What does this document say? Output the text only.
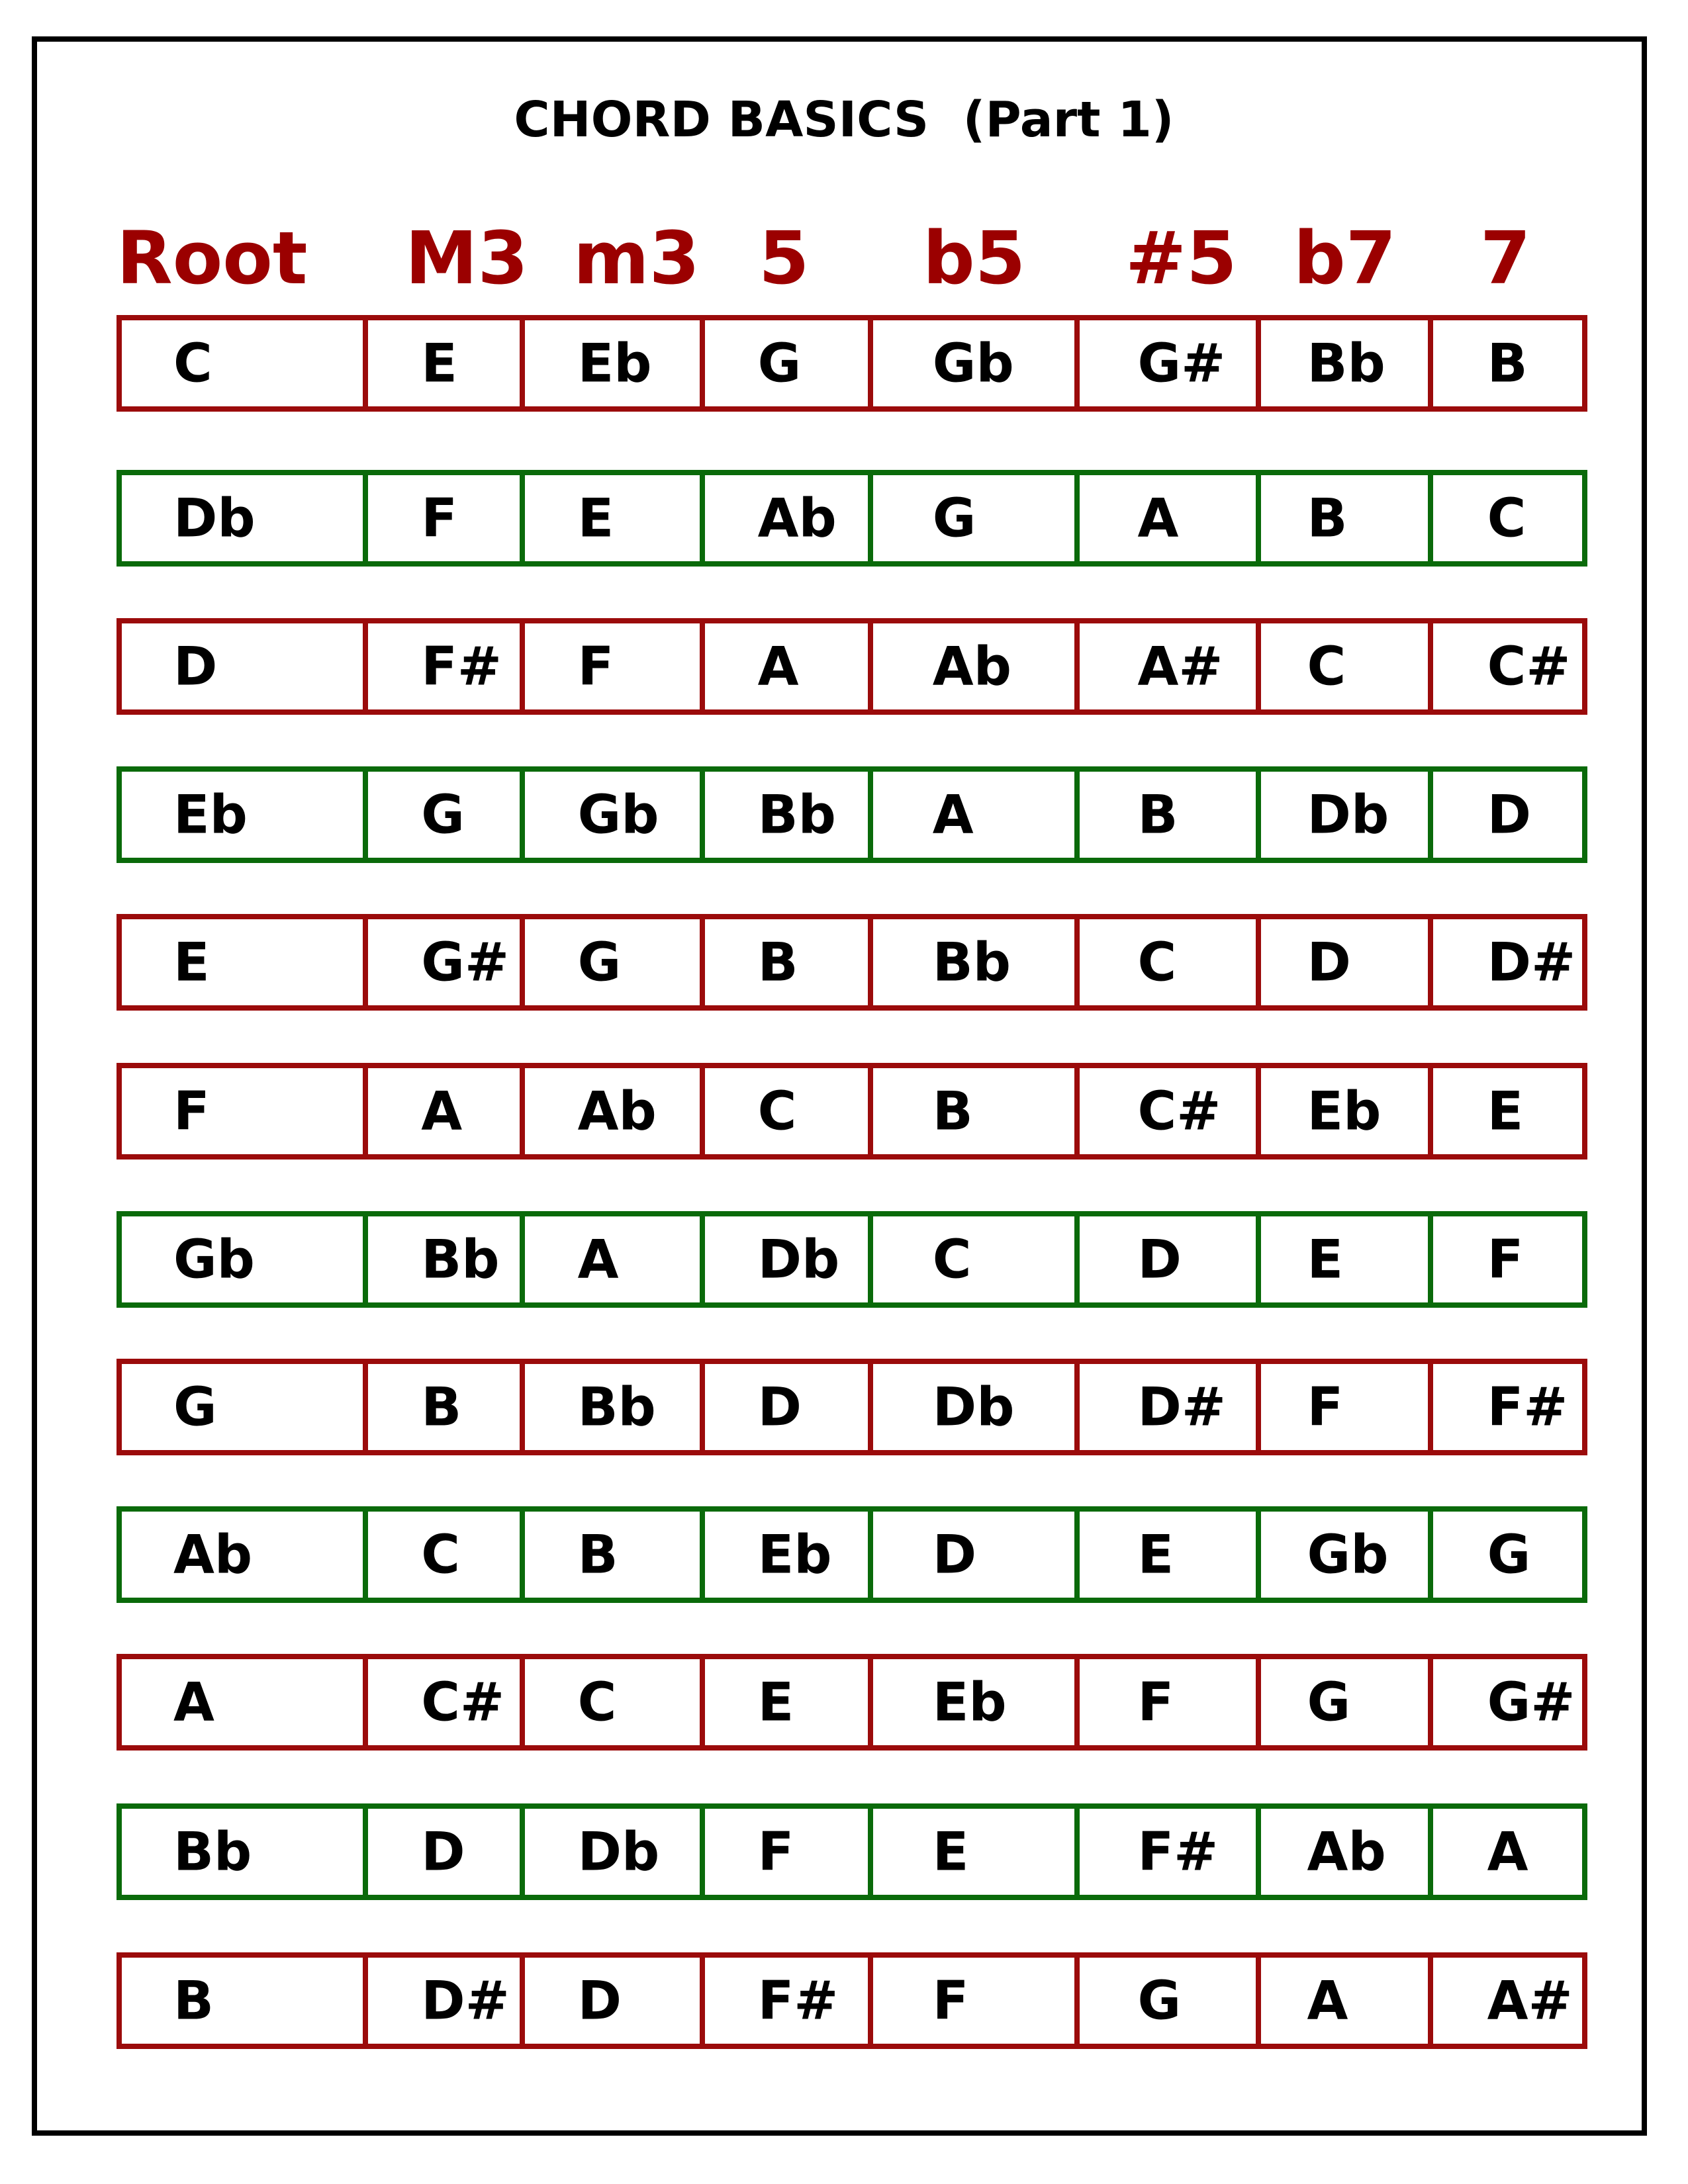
CHORD BASICS  (Part 1)
Root M3 m3 5 b5 #5 b7 7
C	E Eb G Gb G# Bb B
Db	F E	Ab G	A B	C
D	F# F	A	Ab A# C	C#
Eb	G Gb Bb A	B Db D
E	G# G	B	Bb C D	D#
F	A Ab C	B	C# Eb E
Gb	Bb A	Db C	D E	F
G	B Bb D Db D# F	F#
Ab	C B	Eb D	E	Gb G
A	C# C	E	Eb F	G	G#
Bb	D Db F	E	F# Ab A
B	D# D	F# F	G A	A#
